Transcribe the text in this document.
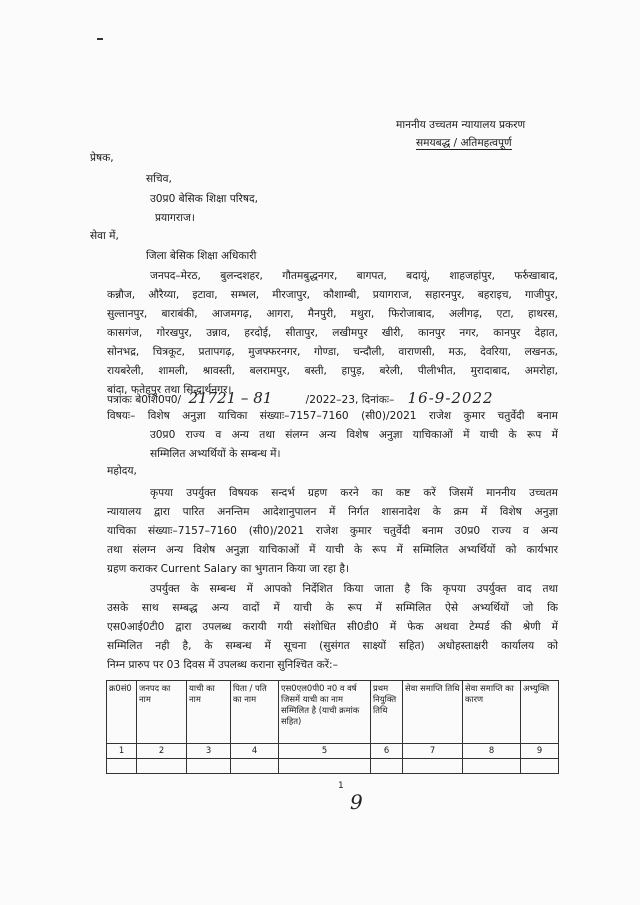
माननीय उच्चतम न्यायालय प्रकरण
समयबद्ध / अतिमहत्वपूर्ण
प्रेषक,
सचिव,
उ0प्र0 बेसिक शिक्षा परिषद,
प्रयागराज।
सेवा में,
जिला बेसिक शिक्षा अधिकारी
जनपद–मेरठ, बुलन्दशहर, गौतमबुद्धनगर, बागपत, बदायूं, शाहजहांपुर, फर्रुखाबाद,
कन्नौज, औरैय्या, इटावा, सम्भल, मीरजापुर, कौशाम्बी, प्रयागराज, सहारनपुर, बहराइच, गाजीपुर,
सुल्तानपुर, बाराबंकी, आजमगढ़, आगरा, मैनपुरी, मथुरा, फिरोजाबाद, अलीगढ़, एटा, हाथरस,
कासगंज, गोरखपुर, उन्नाव, हरदोई, सीतापुर, लखीमपुर खीरी, कानपुर नगर, कानपुर देहात,
सोनभद्र, चित्रकूट, प्रतापगढ़, मुजफ्फरनगर, गोण्डा, चन्दौली, वाराणसी, मऊ, देवरिया, लखनऊ,
रायबरेली, शामली, श्रावस्ती, बलरामपुर, बस्ती, हापुड़, बरेली, पीलीभीत, मुरादाबाद, अमरोहा,
बांदा, फतेहपुर तथा सिद्धार्थनगर।
पत्रांकः बे0शि0प0/ 21721 – 81	/2022–23, दिनांकः– 16-9-2022
विषयः– विशेष अनुज्ञा याचिका संख्याः–7157–7160 (सी0)/2021 राजेश कुमार चतुर्वेदी बनाम
उ0प्र0 राज्य व अन्य तथा संलग्न अन्य विशेष अनुज्ञा याचिकाओं में याची के रूप में
सम्मिलित अभ्यर्थियों के सम्बन्ध में।
महोदय,
कृपया उपर्युक्त विषयक सन्दर्भ ग्रहण करने का कष्ट करें जिसमें माननीय उच्चतम
न्यायालय द्वारा पारित अनन्तिम आदेशानुपालन में निर्गत शासनादेश के क्रम में विशेष अनुज्ञा
याचिका संख्याः–7157–7160 (सी0)/2021 राजेश कुमार चतुर्वेदी बनाम उ0प्र0 राज्य व अन्य
तथा संलग्न अन्य विशेष अनुज्ञा याचिकाओं में याची के रूप में सम्मिलित अभ्यर्थियों को कार्यभार
ग्रहण कराकर Current Salary का भुगतान किया जा रहा है।
उपर्युक्त के सम्बन्ध में आपको निर्देशित किया जाता है कि कृपया उपर्युक्त वाद तथा
उसके साथ सम्बद्ध अन्य वादों में याची के रूप में सम्मिलित ऐसे अभ्यर्थियों जो कि
एस0आई0टी0 द्वारा उपलब्ध करायी गयी संशोधित सी0डी0 में फेक अथवा टेम्पर्ड की श्रेणी में
सम्मिलित नही है, के सम्बन्ध में सूचना (सुसंगत साक्ष्यों सहित) अधोहस्ताक्षरी कार्यालय को
निम्न प्रारुप पर 03 दिवस में उपलब्ध कराना सुनिश्चित करें:–
क्र0सं0	जनपद का नाम	याची का नाम	पिता / पति का नाम	एस0एल0पी0 न0 व वर्ष जिसमें याची का नाम सम्मिलित है (याची क्रमांक सहित)	प्रथम नियुक्ति तिथि	सेवा समाप्ति तिथि	सेवा समाप्ति का कारण	अभ्युक्ति
1	2	3	4	5	6	7	8	9

1
9
